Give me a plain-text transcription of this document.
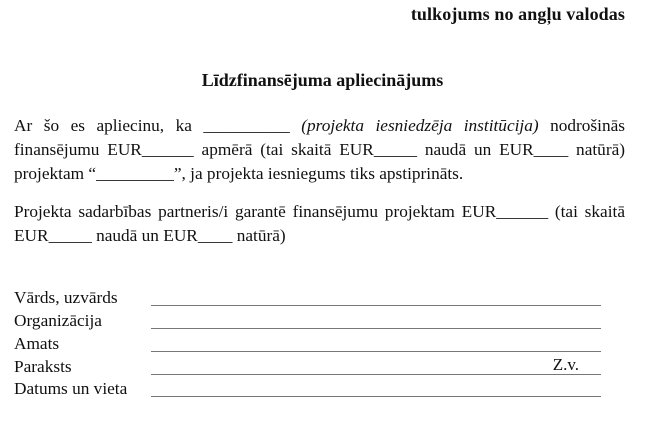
tulkojums no angļu valodas
Līdzfinansējuma apliecinājums
Ar šo es apliecinu, ka __________ (projekta iesniedzēja institūcija) nodrošinās finansējumu EUR______ apmērā (tai skaitā EUR_____ naudā un EUR____ natūrā) projektam “_________”, ja projekta iesniegums tiks apstiprināts.
Projekta sadarbības partneris/i garantē finansējumu projektam EUR______ (tai skaitā EUR_____ naudā un EUR____ natūrā)
Vārds, uzvārds
Organizācija
Amats
Paraksts	Z.v.
Datums un vieta
